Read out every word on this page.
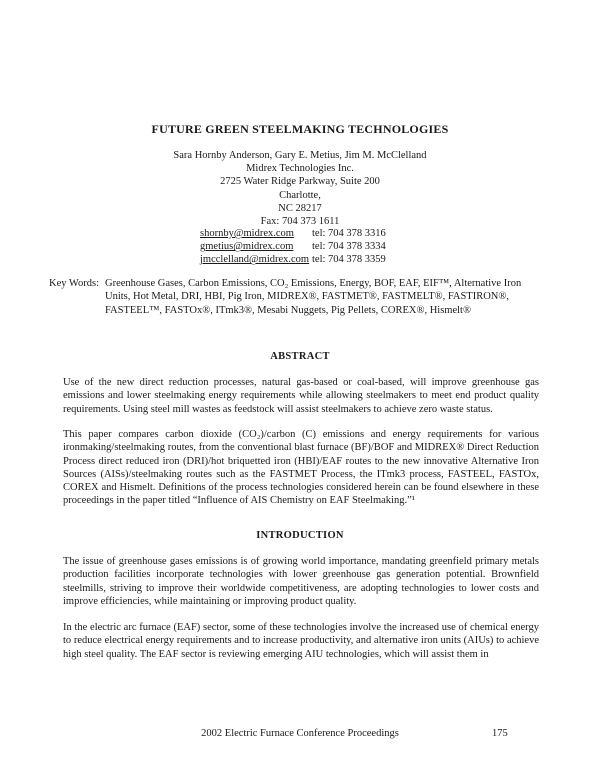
FUTURE GREEN STEELMAKING TECHNOLOGIES
Sara Hornby Anderson, Gary E. Metius, Jim M. McClelland
Midrex Technologies Inc.
2725 Water Ridge Parkway, Suite 200
Charlotte,
NC 28217
Fax: 704 373 1611
shornby@midrex.com	tel: 704 378 3316
gmetius@midrex.com	tel: 704 378 3334
jmcclelland@midrex.com tel: 704 378 3359
Key Words: Greenhouse Gases, Carbon Emissions, CO₂ Emissions, Energy, BOF, EAF, EIF™, Alternative Iron Units, Hot Metal, DRI, HBI, Pig Iron, MIDREX®, FASTMET®, FASTMELT®, FASTIRON®, FASTEEL™, FASTOx®, ITmk3®, Mesabi Nuggets, Pig Pellets, COREX®, Hismelt®
ABSTRACT
Use of the new direct reduction processes, natural gas-based or coal-based, will improve greenhouse gas emissions and lower steelmaking energy requirements while allowing steelmakers to meet end product quality requirements. Using steel mill wastes as feedstock will assist steelmakers to achieve zero waste status.
This paper compares carbon dioxide (CO₂)/carbon (C) emissions and energy requirements for various ironmaking/steelmaking routes, from the conventional blast furnace (BF)/BOF and MIDREX® Direct Reduction Process direct reduced iron (DRI)/hot briquetted iron (HBI)/EAF routes to the new innovative Alternative Iron Sources (AISs)/steelmaking routes such as the FASTMET Process, the ITmk3 process, FASTEEL, FASTOx, COREX and Hismelt. Definitions of the process technologies considered herein can be found elsewhere in these proceedings in the paper titled “Influence of AIS Chemistry on EAF Steelmaking.”¹
INTRODUCTION
The issue of greenhouse gases emissions is of growing world importance, mandating greenfield primary metals production facilities incorporate technologies with lower greenhouse gas generation potential. Brownfield steelmills, striving to improve their worldwide competitiveness, are adopting technologies to lower costs and improve efficiencies, while maintaining or improving product quality.
In the electric arc furnace (EAF) sector, some of these technologies involve the increased use of chemical energy to reduce electrical energy requirements and to increase productivity, and alternative iron units (AIUs) to achieve high steel quality. The EAF sector is reviewing emerging AIU technologies, which will assist them in
2002 Electric Furnace Conference Proceedings	175
